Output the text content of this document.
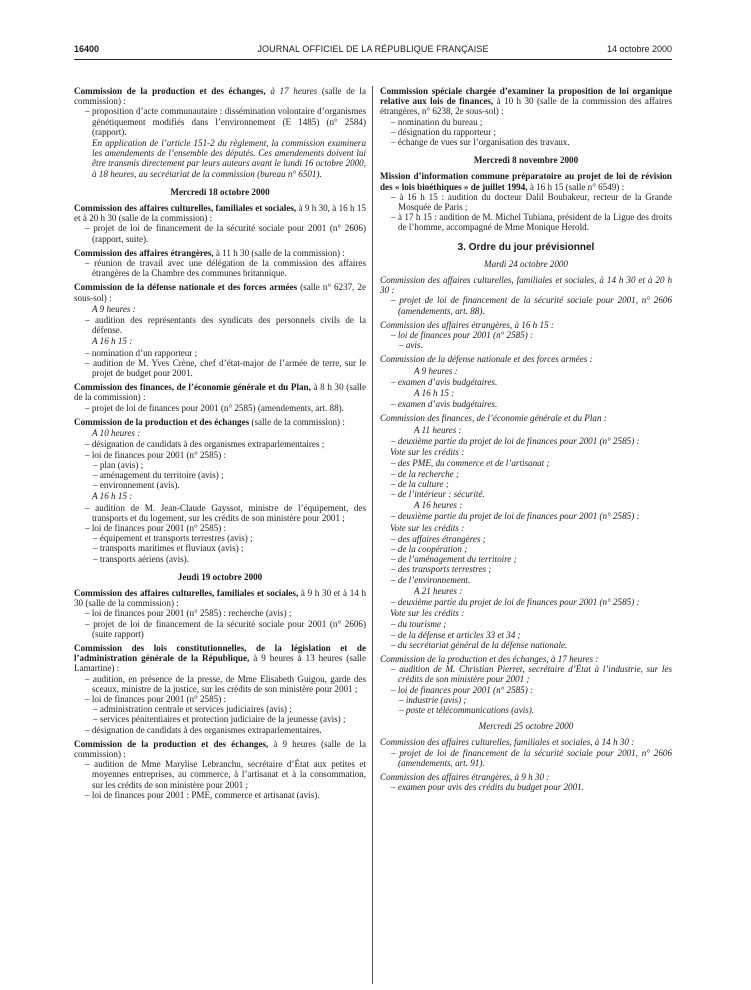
16400	JOURNAL OFFICIEL DE LA RÉPUBLIQUE FRANÇAISE	14 octobre 2000

Commission de la production et des échanges, à 17 heures (salle de la commission) :

– proposition d’acte communautaire : dissémination volontaire d’organismes génétiquement modifiés dans l’environnement (E 1485) (n° 2584) (rapport).

En application de l’article 151-2 du règlement, la commission examinera les amendements de l’ensemble des députés. Ces amendements doivent lui être transmis directement par leurs auteurs avant le lundi 16 octobre 2000, à 18 heures, au secrétariat de la commission (bureau n° 6501).

Mercredi 18 octobre 2000

Commission des affaires culturelles, familiales et sociales, à 9 h 30, à 16 h 15 et à 20 h 30 (salle de la commission) :

– projet de loi de financement de la sécurité sociale pour 2001 (n° 2606) (rapport, suite).

Commission des affaires étrangères, à 11 h 30 (salle de la commission) :

– réunion de travail avec une délégation de la commission des affaires étrangères de la Chambre des communes britannique.

Commission de la défense nationale et des forces armées (salle n° 6237, 2e sous-sol) :

A 9 heures :

– audition des représentants des syndicats des personnels civils de la défense.

A 16 h 15 :

– nomination d’un rapporteur ;

– audition de M. Yves Crène, chef d’état-major de l’armée de terre, sur le projet de budget pour 2001.

Commission des finances, de l’économie générale et du Plan, à 8 h 30 (salle de la commission) :

– projet de loi de finances pour 2001 (n° 2585) (amendements, art. 88).

Commission de la production et des échanges (salle de la commission) :

A 10 heures :

– désignation de candidats à des organismes extraparlementaires ;

– loi de finances pour 2001 (n° 2585) :

– plan (avis) ;

– aménagement du territoire (avis) ;

– environnement (avis).

A 16 h 15 :

– audition de M. Jean-Claude Gayssot, ministre de l’équipement, des transports et du logement, sur les crédits de son ministère pour 2001 ;

– loi de finances pour 2001 (n° 2585) :

– équipement et transports terrestres (avis) ;

– transports maritimes et fluviaux (avis) ;

– transports aériens (avis).

Jeudi 19 octobre 2000

Commission des affaires culturelles, familiales et sociales, à 9 h 30 et à 14 h 30 (salle de la commission) :

– loi de finances pour 2001 (n° 2585) : recherche (avis) ;

– projet de loi de financement de la sécurité sociale pour 2001 (n° 2606) (suite rapport)

Commission des lois constitutionnelles, de la législation et de l’administration générale de la République, à 9 heures à 13 heures (salle Lamartine) :

– audition, en présence de la presse, de Mme Elisabeth Guigou, garde des sceaux, ministre de la justice, sur les crédits de son ministère pour 2001 ;

– loi de finances pour 2001 (n° 2585) :

– administration centrale et services judiciaires (avis) ;

– services pénitentiaires et protection judiciaire de la jeunesse (avis) ;

– désignation de candidats à des organismes extraparlementaires.

Commission de la production et des échanges, à 9 heures (salle de la commission) :

– audition de Mme Marylise Lebranchu, secrétaire d’État aux petites et moyennes entreprises, au commerce, à l’artisanat et à la consommation, sur les crédits de son ministère pour 2001 ;

– loi de finances pour 2001 : PME, commerce et artisanat (avis).

Commission spéciale chargée d’examiner la proposition de loi organique relative aux lois de finances, à 10 h 30 (salle de la commission des affaires étrangères, n° 6238, 2e sous-sol) :

– nomination du bureau ;

– désignation du rapporteur ;

– échange de vues sur l’organisation des travaux.

Mercredi 8 novembre 2000

Mission d’information commune préparatoire au projet de loi de révision des « lois bioéthiques » de juillet 1994, à 16 h 15 (salle n° 6549) :

– à 16 h 15 : audition du docteur Dalil Boubakeur, recteur de la Grande Mosquée de Paris ;

– à 17 h 15 : audition de M. Michel Tubiana, président de la Ligue des droits de l’homme, accompagné de Mme Monique Herold.

3. Ordre du jour prévisionnel
Mardi 24 octobre 2000

Commission des affaires culturelles, familiales et sociales, à 14 h 30 et à 20 h 30 :

– projet de loi de financement de la sécurité sociale pour 2001, n° 2606 (amendements, art. 88).

Commission des affaires étrangères, à 16 h 15 :

– loi de finances pour 2001 (n° 2585) :

– avis.

Commission de la défense nationale et des forces armées :

A 9 heures :

– examen d’avis budgétaires.

A 16 h 15 :

– examen d’avis budgétaires.

Commission des finances, de l’économie générale et du Plan :

A 11 heures :

– deuxième partie du projet de loi de finances pour 2001 (n° 2585) :

Vote sur les crédits :

– des PME, du commerce et de l’artisanat ;

– de la recherche ;

– de la culture ;

– de l’intérieur : sécurité.

A 16 heures :

– deuxième partie du projet de loi de finances pour 2001 (n° 2585) :

Vote sur les crédits :

– des affaires étrangères ;

– de la coopération ;

– de l’aménagement du territoire ;

– des transports terrestres ;

– de l’environnement.

A 21 heures :

– deuxième partie du projet de loi de finances pour 2001 (n° 2585) :

Vote sur les crédits :

– du tourisme ;

– de la défense et articles 33 et 34 ;

– du secrétariat général de la défense nationale.

Commission de la production et des échanges, à 17 heures :

– audition de M. Christian Pierret, secrétaire d’État à l’industrie, sur les crédits de son ministère pour 2001 ;

– loi de finances pour 2001 (n° 2585) :

– industrie (avis) ;

– poste et télécommunications (avis).

Mercredi 25 octobre 2000

Commission des affaires culturelles, familiales et sociales, à 14 h 30 :

– projet de loi de financement de la sécurité sociale pour 2001, n° 2606 (amendements, art. 91).

Commission des affaires étrangères, à 9 h 30 :

– examen pour avis des crédits du budget pour 2001.
